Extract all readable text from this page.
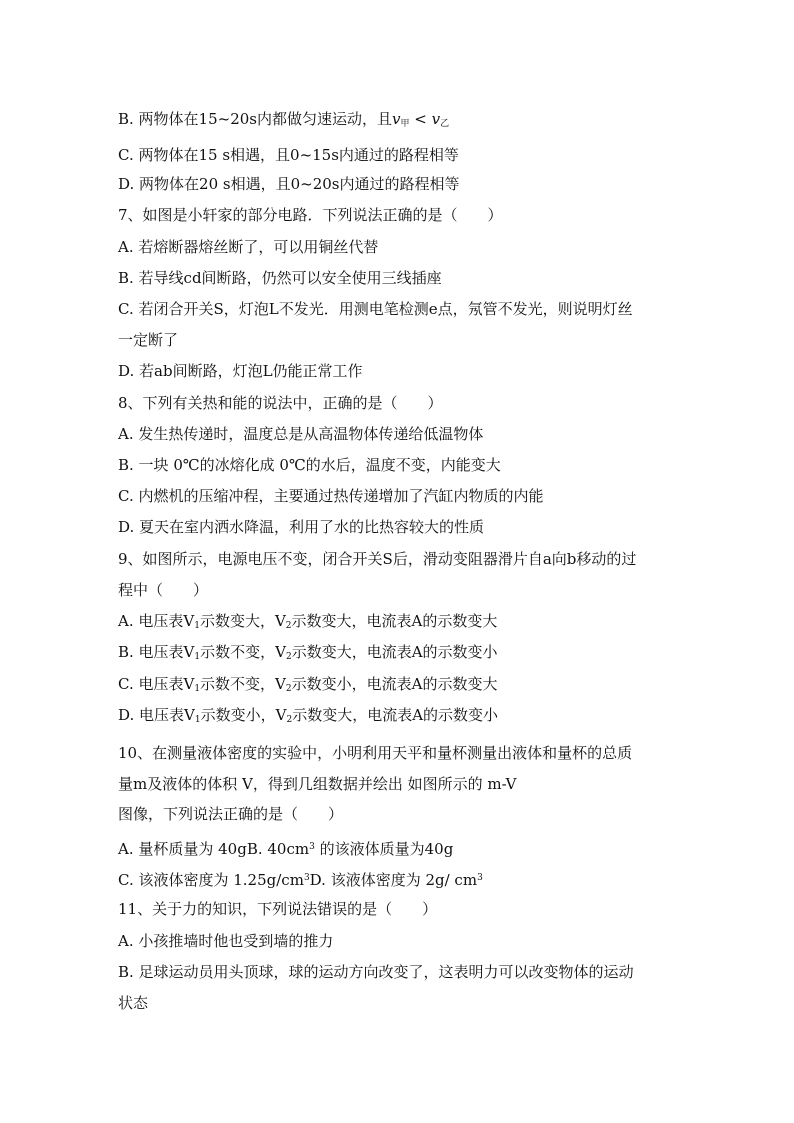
B. 两物体在15~20s内都做匀速运动，且$v_甲 < v_乙$
C. 两物体在15 s相遇，且0~15s内通过的路程相等
D. 两物体在20 s相遇，且0~20s内通过的路程相等
7、如图是小轩家的部分电路．下列说法正确的是（　　）
A. 若熔断器熔丝断了，可以用铜丝代替
B. 若导线cd间断路，仍然可以安全使用三线插座
C. 若闭合开关S，灯泡L不发光．用测电笔检测e点，氖管不发光，则说明灯丝
一定断了
D. 若ab间断路，灯泡L仍能正常工作
8、下列有关热和能的说法中，正确的是（　　）
A. 发生热传递时，温度总是从高温物体传递给低温物体
B. 一块 0℃的冰熔化成 0℃的水后，温度不变，内能变大
C. 内燃机的压缩冲程，主要通过热传递增加了汽缸内物质的内能
D. 夏天在室内洒水降温，利用了水的比热容较大的性质
9、如图所示，电源电压不变，闭合开关S后，滑动变阻器滑片自a向b移动的过
程中（　　）
A. 电压表$V_1$示数变大，$V_2$示数变大，电流表A的示数变大
B. 电压表$V_1$示数不变，$V_2$示数变大，电流表A的示数变小
C. 电压表$V_1$示数不变，$V_2$示数变小，电流表A的示数变大
D. 电压表$V_1$示数变小，$V_2$示数变大，电流表A的示数变小
10、在测量液体密度的实验中，小明利用天平和量杯测量出液体和量杯的总质
量m及液体的体积 V，得到几组数据并绘出 如图所示的 m-V
图像，下列说法正确的是（　　）
A. 量杯质量为 40gB. $40cm^3$ 的该液体质量为40g
C. 该液体密度为 $1.25g/cm^3D$. 该液体密度为 2g/ $cm^3$
11、关于力的知识，下列说法错误的是（　　）
A. 小孩推墙时他也受到墙的推力
B. 足球运动员用头顶球，球的运动方向改变了，这表明力可以改变物体的运动
状态
